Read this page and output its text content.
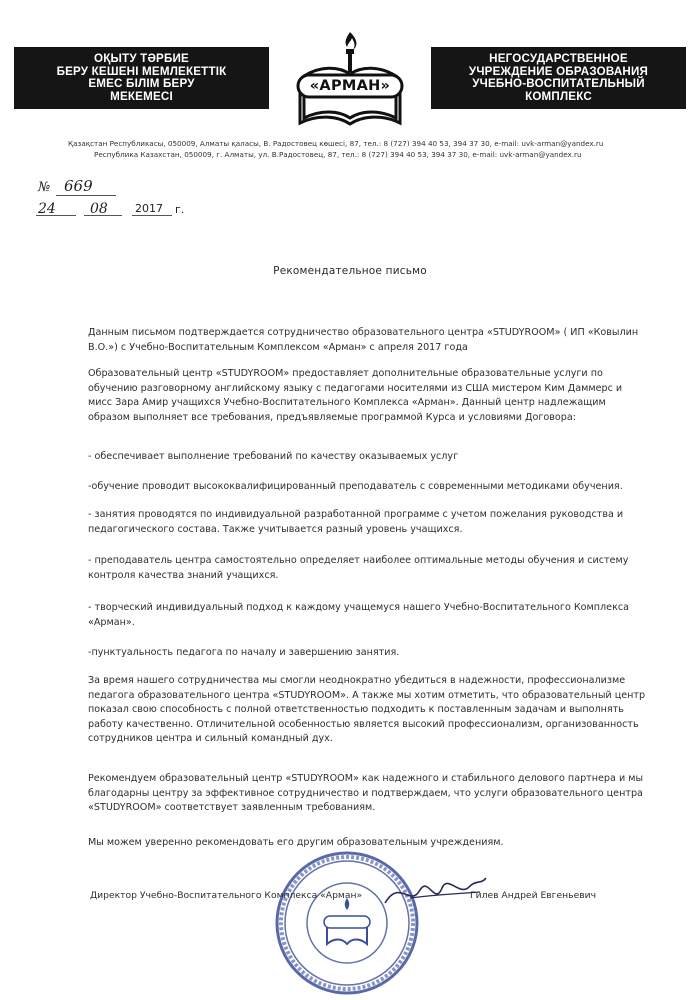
ОҚЫТУ ТӘРБИЕ
БЕРУ КЕШЕНІ МЕМЛЕКЕТТІК
ЕМЕС БІЛІМ БЕРУ
МЕКЕМЕСІ
«АРМАН»
НЕГОСУДАРСТВЕННОЕ
УЧРЕЖДЕНИЕ ОБРАЗОВАНИЯ
УЧЕБНО-ВОСПИТАТЕЛЬНЫЙ
КОМПЛЕКС
Қазақстан Республикасы, 050009, Алматы қаласы, В. Радостовец көшесі, 87, тел.: 8 (727) 394 40 53, 394 37 30, e-mail: uvk-arman@yandex.ru
Республика Казахстан, 050009, г. Алматы, ул. В.Радостовец, 87, тел.: 8 (727) 394 40 53, 394 37 30, e-mail: uvk-arman@yandex.ru
№ 669
24 08 2017 г.
Рекомендательное письмо

Данным письмом подтверждается сотрудничество образовательного центра «STUDYROOM» ( ИП «Ковылин В.О.») с Учебно-Воспитательным Комплексом «Арман» с апреля 2017 года

Образовательный центр «STUDYROOM» предоставляет дополнительные образовательные услуги по обучению разговорному английскому языку с педагогами носителями из США мистером Ким Даммерс и мисс Зара Амир учащихся Учебно-Воспитательного Комплекса «Арман». Данный центр надлежащим образом выполняет все требования, предъявляемые программой Курса и условиями Договора:

- обеспечивает выполнение требований по качеству оказываемых услуг

-обучение проводит высококвалифицированный преподаватель с современными методиками обучения.

- занятия проводятся по индивидуальной разработанной программе с учетом пожелания руководства и педагогического состава. Также учитывается разный уровень учащихся.

- преподаватель центра самостоятельно определяет наиболее оптимальные методы обучения и систему контроля качества знаний учащихся.

- творческий индивидуальный подход к каждому учащемуся нашего Учебно-Воспитательного Комплекса «Арман».

-пунктуальность педагога по началу и завершению занятия.

За время нашего сотрудничества мы смогли неоднократно убедиться в надежности, профессионализме педагога образовательного центра «STUDYROOM». А также мы хотим отметить, что образовательный центр показал свою способность с полной ответственностью подходить к поставленным задачам и выполнять работу качественно. Отличительной особенностью является высокий профессионализм, организованность сотрудников центра и сильный командный дух.

Рекомендуем образовательный центр «STUDYROOM» как надежного и стабильного делового партнера и мы благодарны центру за эффективное сотрудничество и подтверждаем, что услуги образовательного центра «STUDYROOM» соответствует заявленным требованиям.

Мы можем уверенно рекомендовать его другим образовательным учреждениям.

Директор Учебно-Воспитательного Комплекса «Арман»	Гилев Андрей Евгеньевич
